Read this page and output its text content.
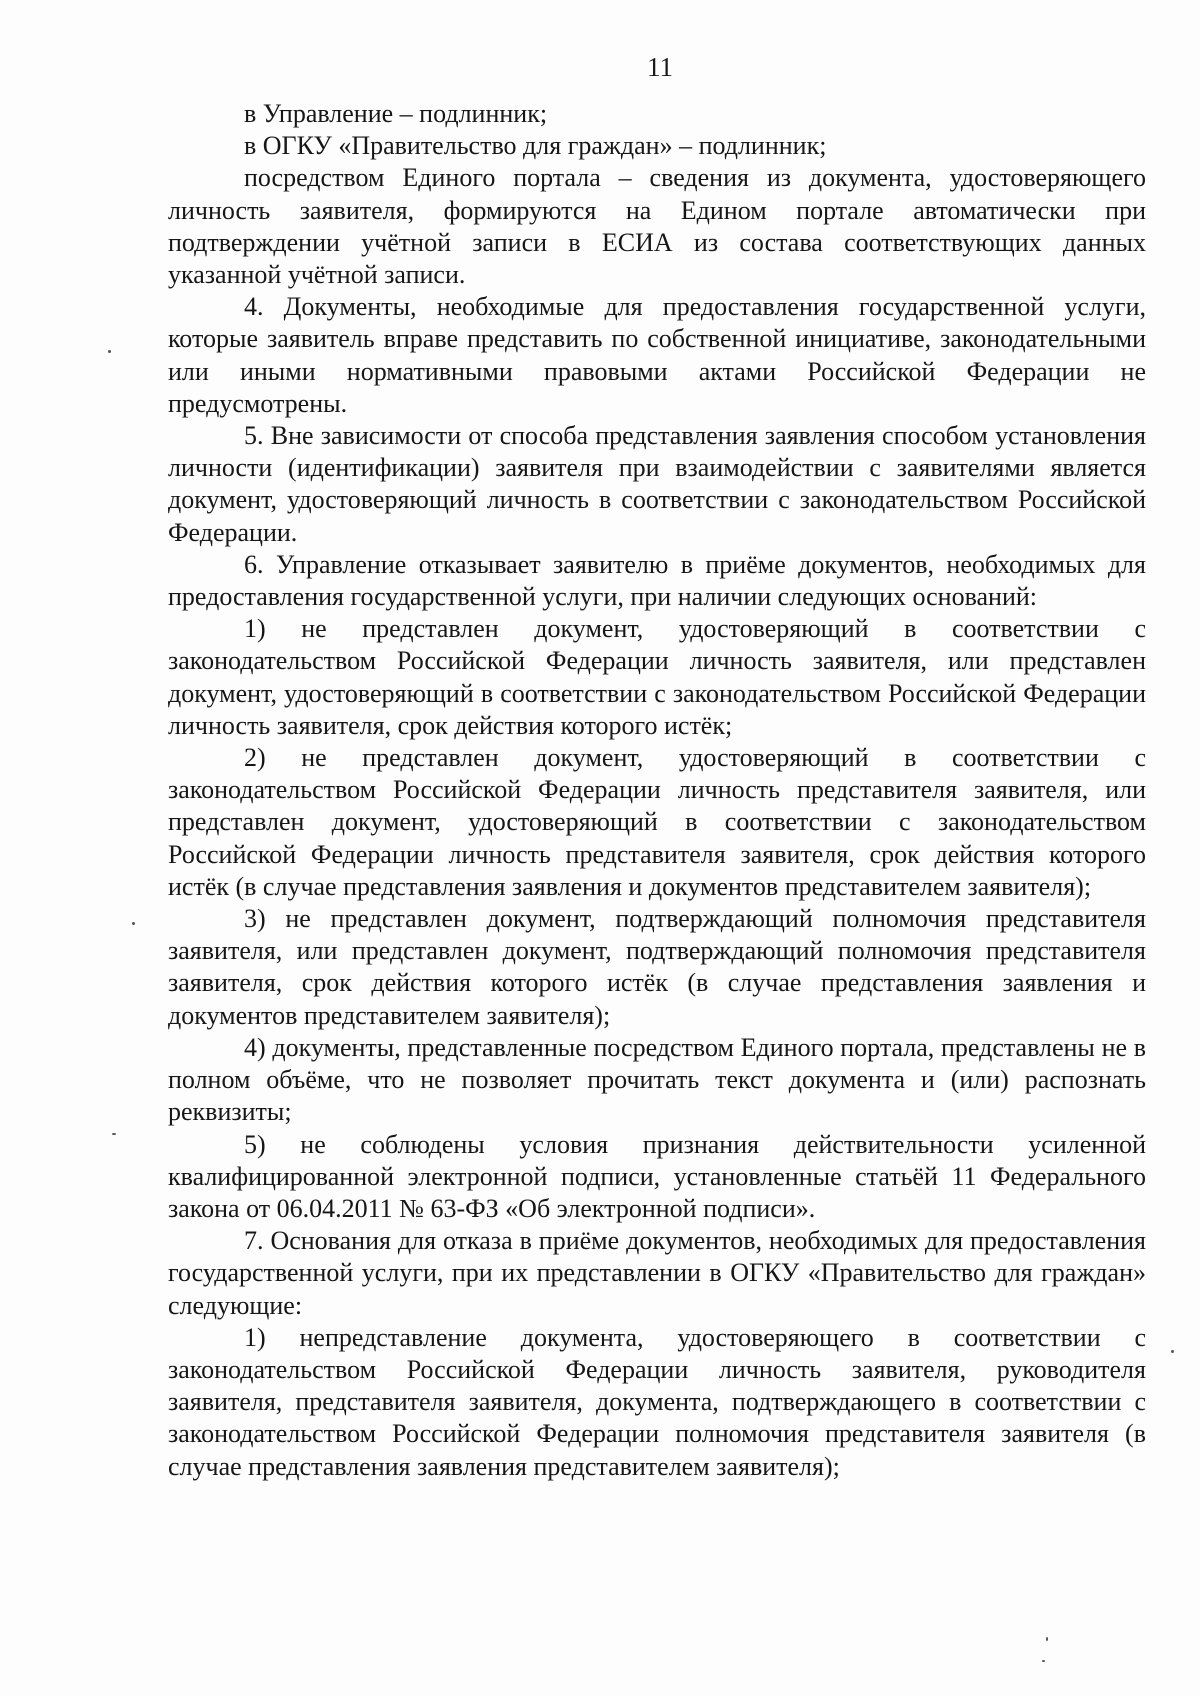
11

в Управление – подлинник;

в ОГКУ «Правительство для граждан» – подлинник;

посредством Единого портала – сведения из документа, удостоверяющего личность заявителя, формируются на Едином портале автоматически при подтверждении учётной записи в ЕСИА из состава соответствующих данных указанной учётной записи.

4. Документы, необходимые для предоставления государственной услуги, которые заявитель вправе представить по собственной инициативе, законодательными или иными нормативными правовыми актами Российской Федерации не предусмотрены.

5. Вне зависимости от способа представления заявления способом установления личности (идентификации) заявителя при взаимодействии с заявителями является документ, удостоверяющий личность в соответствии с законодательством Российской Федерации.

6. Управление отказывает заявителю в приёме документов, необходимых для предоставления государственной услуги, при наличии следующих оснований:

1) не представлен документ, удостоверяющий в соответствии с законодательством Российской Федерации личность заявителя, или представлен документ, удостоверяющий в соответствии с законодательством Российской Федерации личность заявителя, срок действия которого истёк;

2) не представлен документ, удостоверяющий в соответствии с законодательством Российской Федерации личность представителя заявителя, или представлен документ, удостоверяющий в соответствии с законодательством Российской Федерации личность представителя заявителя, срок действия которого истёк (в случае представления заявления и документов представителем заявителя);

3) не представлен документ, подтверждающий полномочия представителя заявителя, или представлен документ, подтверждающий полномочия представителя заявителя, срок действия которого истёк (в случае представления заявления и документов представителем заявителя);

4) документы, представленные посредством Единого портала, представлены не в полном объёме, что не позволяет прочитать текст документа и (или) распознать реквизиты;

5) не соблюдены условия признания действительности усиленной квалифицированной электронной подписи, установленные статьёй 11 Федерального закона от 06.04.2011 № 63-ФЗ «Об электронной подписи».

7. Основания для отказа в приёме документов, необходимых для предоставления государственной услуги, при их представлении в ОГКУ «Правительство для граждан» следующие:

1) непредставление документа, удостоверяющего в соответствии с законодательством Российской Федерации личность заявителя, руководителя заявителя, представителя заявителя, документа, подтверждающего в соответствии с законодательством Российской Федерации полномочия представителя заявителя (в случае представления заявления представителем заявителя);
